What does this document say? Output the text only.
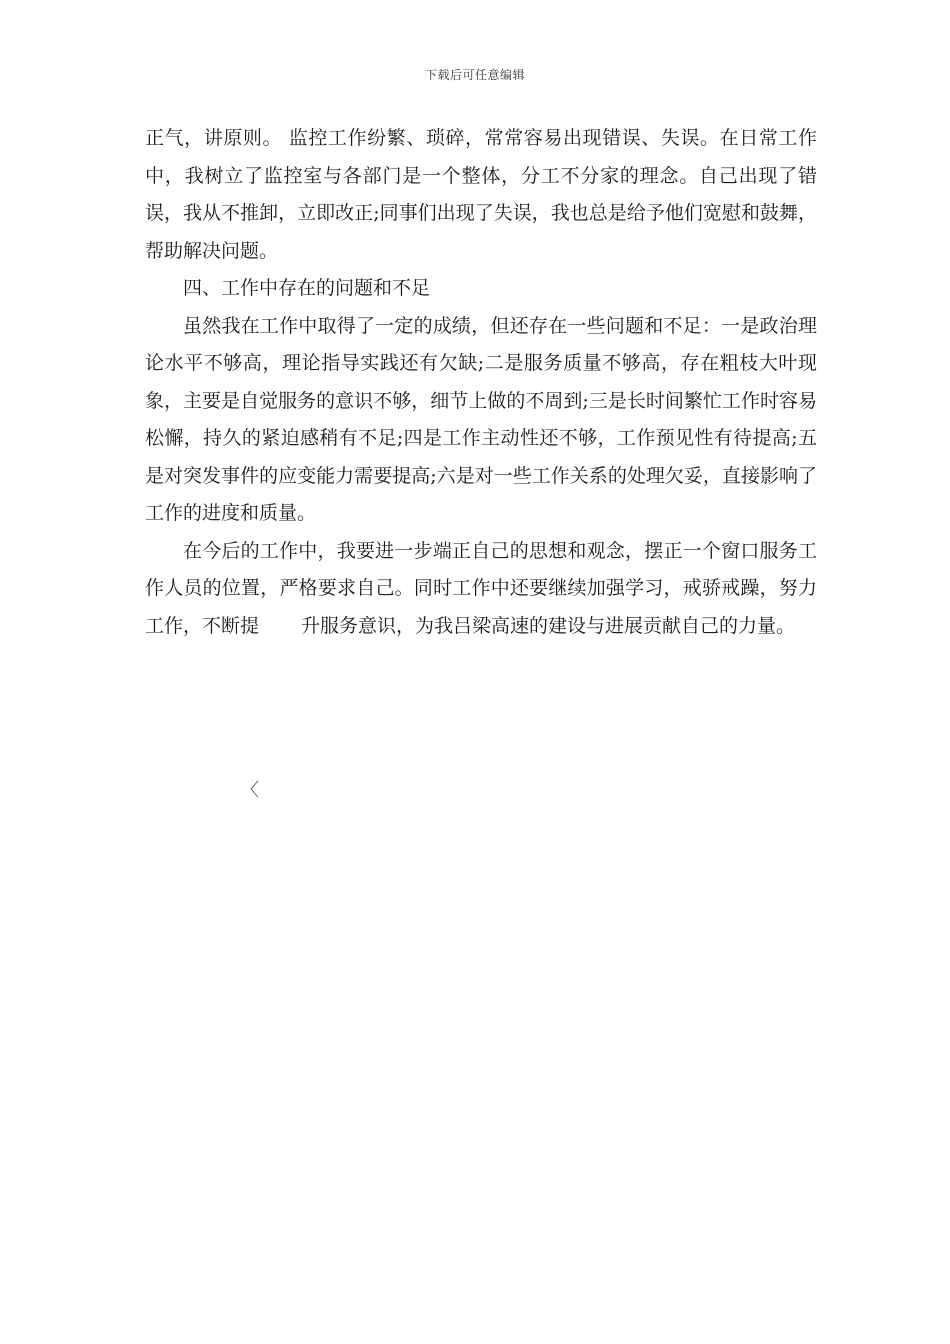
下载后可任意编辑

正气，讲原则。 监控工作纷繁、琐碎，常常容易出现错误、失误。在日常工作中，我树立了监控室与各部门是一个整体，分工不分家的理念。自己出现了错误，我从不推卸，立即改正;同事们出现了失误，我也总是给予他们宽慰和鼓舞，帮助解决问题。

四、工作中存在的问题和不足

虽然我在工作中取得了一定的成绩，但还存在一些问题和不足：一是政治理论水平不够高，理论指导实践还有欠缺;二是服务质量不够高，存在粗枝大叶现象，主要是自觉服务的意识不够，细节上做的不周到;三是长时间繁忙工作时容易松懈，持久的紧迫感稍有不足;四是工作主动性还不够，工作预见性有待提高;五是对突发事件的应变能力需要提高;六是对一些工作关系的处理欠妥，直接影响了工作的进度和质量。

在今后的工作中，我要进一步端正自己的思想和观念，摆正一个窗口服务工作人员的位置，严格要求自己。同时工作中还要继续加强学习，戒骄戒躁，努力工作，不断提 升服务意识，为我吕梁高速的建设与进展贡献自己的力量。

〈
